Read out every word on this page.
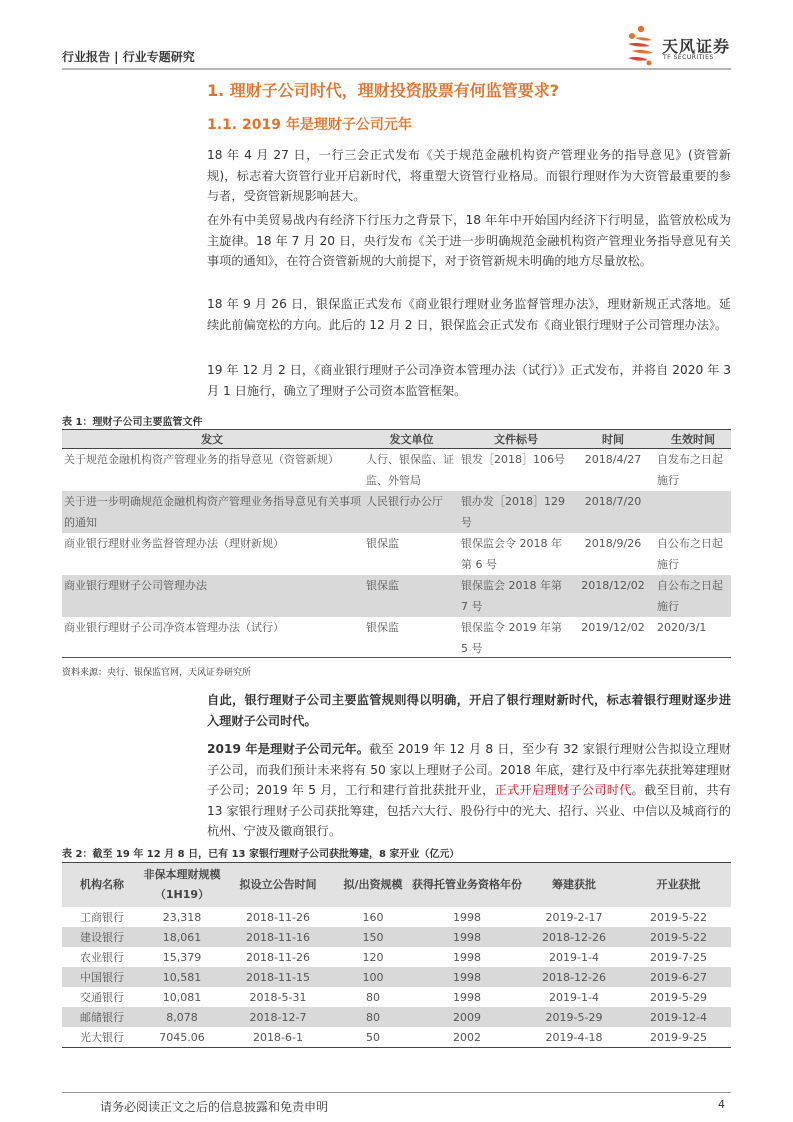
行业报告 | 行业专题研究
天风证券
TF SECURITIES
1. 理财子公司时代，理财投资股票有何监管要求?
1.1. 2019 年是理财子公司元年
18 年 4 月 27 日，一行三会正式发布《关于规范金融机构资产管理业务的指导意见》(资管新规)，标志着大资管行业开启新时代，将重塑大资管行业格局。而银行理财作为大资管最重要的参与者，受资管新规影响甚大。
在外有中美贸易战内有经济下行压力之背景下，18 年年中开始国内经济下行明显，监管放松成为主旋律。18 年 7 月 20 日，央行发布《关于进一步明确规范金融机构资产管理业务指导意见有关事项的通知》，在符合资管新规的大前提下，对于资管新规未明确的地方尽量放松。
18 年 9 月 26 日，银保监正式发布《商业银行理财业务监督管理办法》，理财新规正式落地。延续此前偏宽松的方向。此后的 12 月 2 日，银保监会正式发布《商业银行理财子公司管理办法》。
19 年 12 月 2 日，《商业银行理财子公司净资本管理办法（试行）》正式发布，并将自 2020 年 3 月 1 日施行，确立了理财子公司资本监管框架。
表 1：理财子公司主要监管文件
发文	发文单位	文件标号	时间	生效时间
关于规范金融机构资产管理业务的指导意见（资管新规）	人行、银保监、证监、外管局	银发［2018］106号	2018/4/27	自发布之日起施行
关于进一步明确规范金融机构资产管理业务指导意见有关事项的通知	人民银行办公厅	银办发［2018］129号	2018/7/20	
商业银行理财业务监督管理办法（理财新规）	银保监	银保监会令 2018 年第 6 号	2018/9/26	自公布之日起施行
商业银行理财子公司管理办法	银保监	银保监会 2018 年第 7 号	2018/12/02	自公布之日起施行
商业银行理财子公司净资本管理办法（试行）	银保监	银保监令 2019 年第 5 号	2019/12/02	2020/3/1
资料来源：央行、银保监官网，天风证券研究所
自此，银行理财子公司主要监管规则得以明确，开启了银行理财新时代，标志着银行理财逐步进入理财子公司时代。
2019 年是理财子公司元年。截至 2019 年 12 月 8 日，至少有 32 家银行理财公告拟设立理财子公司，而我们预计未来将有 50 家以上理财子公司。2018 年底，建行及中行率先获批筹建理财子公司；2019 年 5 月，工行和建行首批获批开业，正式开启理财子公司时代。截至目前，共有 13 家银行理财子公司获批筹建，包括六大行、股份行中的光大、招行、兴业、中信以及城商行的杭州、宁波及徽商银行。
表 2：截至 19 年 12 月 8 日，已有 13 家银行理财子公司获批筹建，8 家开业（亿元）
机构名称	非保本理财规模（1H19）	拟设立公告时间	拟/出资规模	获得托管业务资格年份	筹建获批	开业获批
工商银行	23,318	2018-11-26	160	1998	2019-2-17	2019-5-22
建设银行	18,061	2018-11-16	150	1998	2018-12-26	2019-5-22
农业银行	15,379	2018-11-26	120	1998	2019-1-4	2019-7-25
中国银行	10,581	2018-11-15	100	1998	2018-12-26	2019-6-27
交通银行	10,081	2018-5-31	80	1998	2019-1-4	2019-5-29
邮储银行	8,078	2018-12-7	80	2009	2019-5-29	2019-12-4
光大银行	7045.06	2018-6-1	50	2002	2019-4-18	2019-9-25
请务必阅读正文之后的信息披露和免责申明	4
